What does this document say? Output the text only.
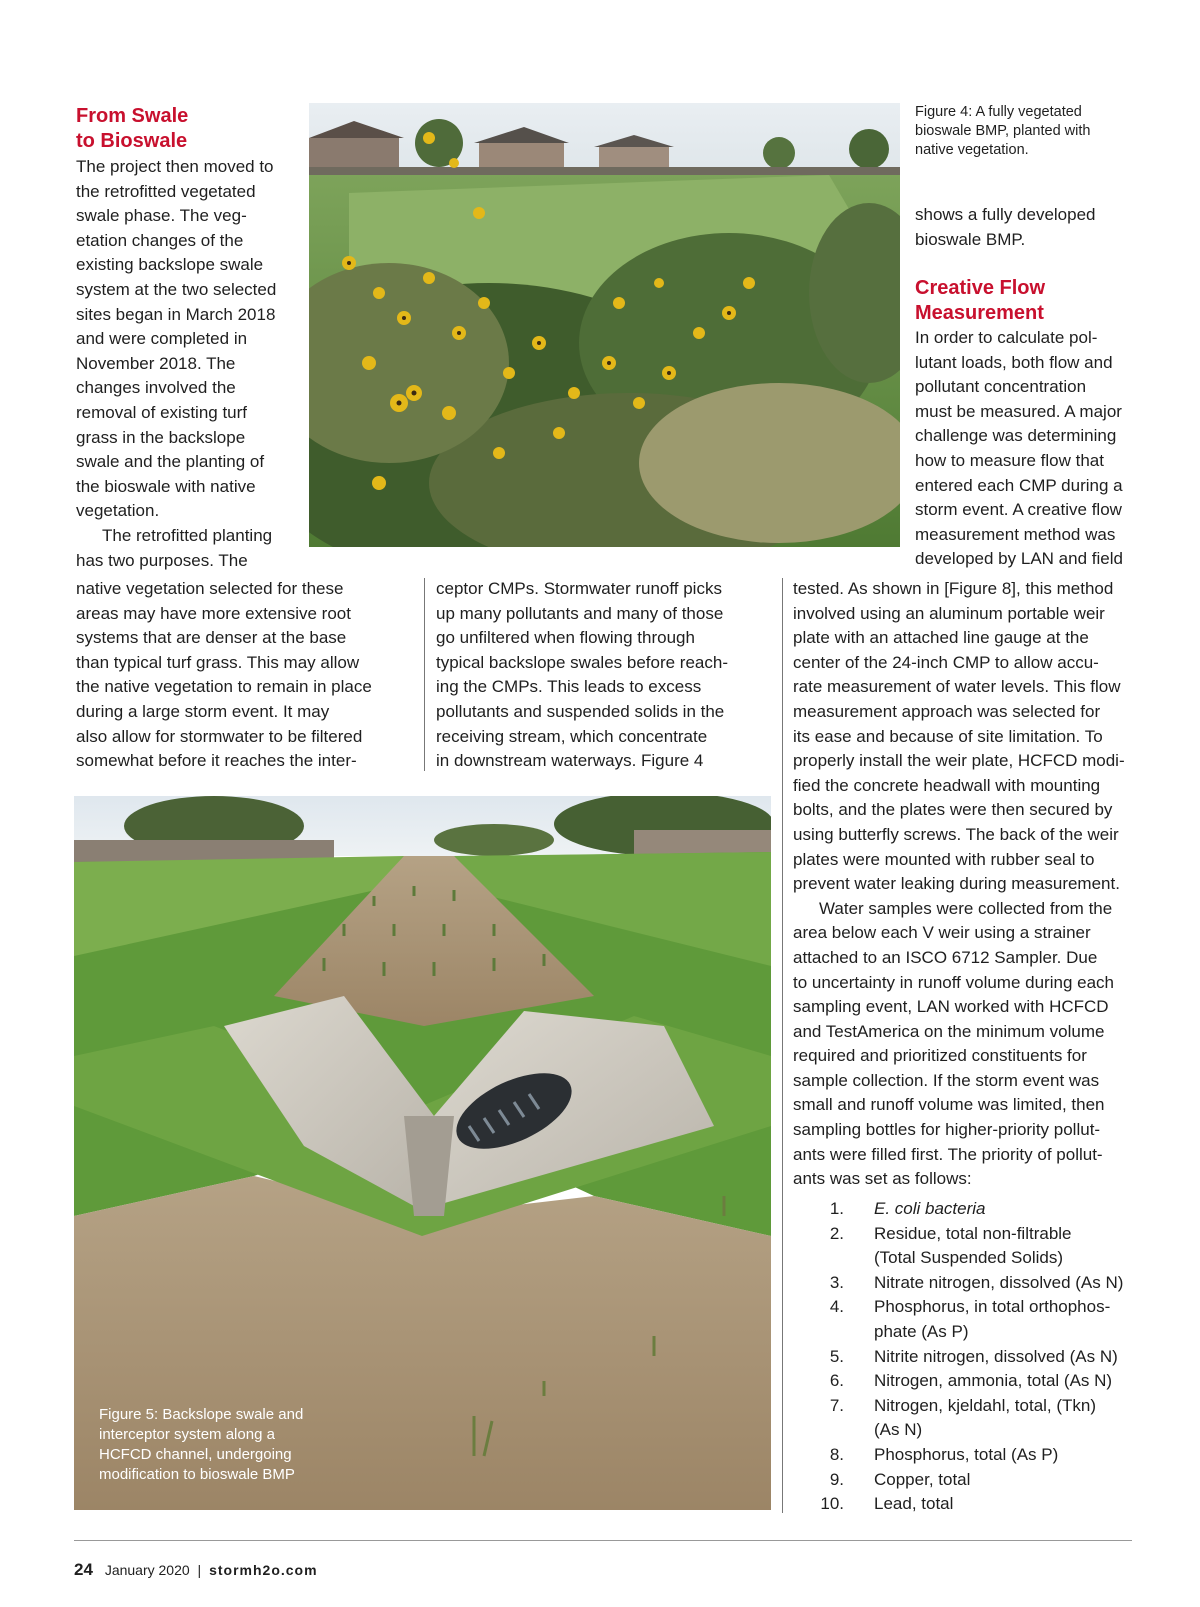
From Swale

to Bioswale

The project then moved to

the retrofitted vegetated

swale phase. The veg-

etation changes of the

existing backslope swale

system at the two selected

sites began in March 2018

and were completed in

November 2018. The

changes involved the

removal of existing turf

grass in the backslope

swale and the planting of

the bioswale with native

vegetation.

The retrofitted planting

has two purposes. The

native vegetation selected for these

areas may have more extensive root

systems that are denser at the base

than typical turf grass. This may allow

the native vegetation to remain in place

during a large storm event. It may

also allow for stormwater to be filtered

somewhat before it reaches the inter-

ceptor CMPs. Stormwater runoff picks

up many pollutants and many of those

go unfiltered when flowing through

typical backslope swales before reach-

ing the CMPs. This leads to excess

pollutants and suspended solids in the

receiving stream, which concentrate

in downstream waterways. Figure 4

Figure 4: A fully vegetated

bioswale BMP, planted with

native vegetation.

shows a fully developed

bioswale BMP.

Creative Flow

Measurement

In order to calculate pol-

lutant loads, both flow and

pollutant concentration

must be measured. A major

challenge was determining

how to measure flow that

entered each CMP during a

storm event. A creative flow

measurement method was

developed by LAN and field

tested. As shown in [Figure 8], this method

involved using an aluminum portable weir

plate with an attached line gauge at the

center of the 24-inch CMP to allow accu-

rate measurement of water levels. This flow

measurement approach was selected for

its ease and because of site limitation. To

properly install the weir plate, HCFCD modi-

fied the concrete headwall with mounting

bolts, and the plates were then secured by

using butterfly screws. The back of the weir

plates were mounted with rubber seal to

prevent water leaking during measurement.

Water samples were collected from the

area below each V weir using a strainer

attached to an ISCO 6712 Sampler. Due

to uncertainty in runoff volume during each

sampling event, LAN worked with HCFCD

and TestAmerica on the minimum volume

required and prioritized constituents for

sample collection. If the storm event was

small and runoff volume was limited, then

sampling bottles for higher-priority pollut-

ants were filled first. The priority of pollut-

ants was set as follows:

1. E. coli bacteria

2. Residue, total non-filtrable

(Total Suspended Solids)

3. Nitrate nitrogen, dissolved (As N)

4. Phosphorus, in total orthophos-

phate (As P)

5. Nitrite nitrogen, dissolved (As N)

6. Nitrogen, ammonia, total (As N)

7. Nitrogen, kjeldahl, total, (Tkn)

(As N)

8. Phosphorus, total (As P)

9. Copper, total

10. Lead, total

Figure 5: Backslope swale and

interceptor system along a

HCFCD channel, undergoing

modification to bioswale BMP

24 January 2020 | stormh2o.com
